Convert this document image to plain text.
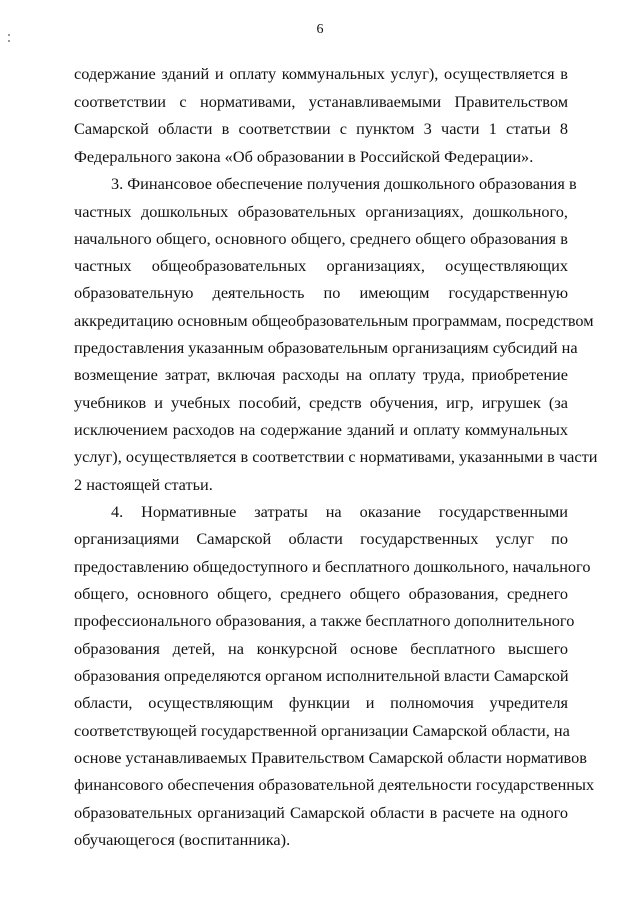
6
содержание зданий и оплату коммунальных услуг), осуществляется в
соответствии с нормативами, устанавливаемыми Правительством
Самарской области в соответствии с пунктом 3 части 1 статьи 8
Федерального закона «Об образовании в Российской Федерации».
3. Финансовое обеспечение получения дошкольного образования в
частных дошкольных образовательных организациях, дошкольного,
начального общего, основного общего, среднего общего образования в
частных общеобразовательных организациях, осуществляющих
образовательную деятельность по имеющим государственную
аккредитацию основным общеобразовательным программам, посредством
предоставления указанным образовательным организациям субсидий на
возмещение затрат, включая расходы на оплату труда, приобретение
учебников и учебных пособий, средств обучения, игр, игрушек (за
исключением расходов на содержание зданий и оплату коммунальных
услуг), осуществляется в соответствии с нормативами, указанными в части
2 настоящей статьи.
4. Нормативные затраты на оказание государственными
организациями Самарской области государственных услуг по
предоставлению общедоступного и бесплатного дошкольного, начального
общего, основного общего, среднего общего образования, среднего
профессионального образования, а также бесплатного дополнительного
образования детей, на конкурсной основе бесплатного высшего
образования определяются органом исполнительной власти Самарской
области, осуществляющим функции и полномочия учредителя
соответствующей государственной организации Самарской области, на
основе устанавливаемых Правительством Самарской области нормативов
финансового обеспечения образовательной деятельности государственных
образовательных организаций Самарской области в расчете на одного
обучающегося (воспитанника).
